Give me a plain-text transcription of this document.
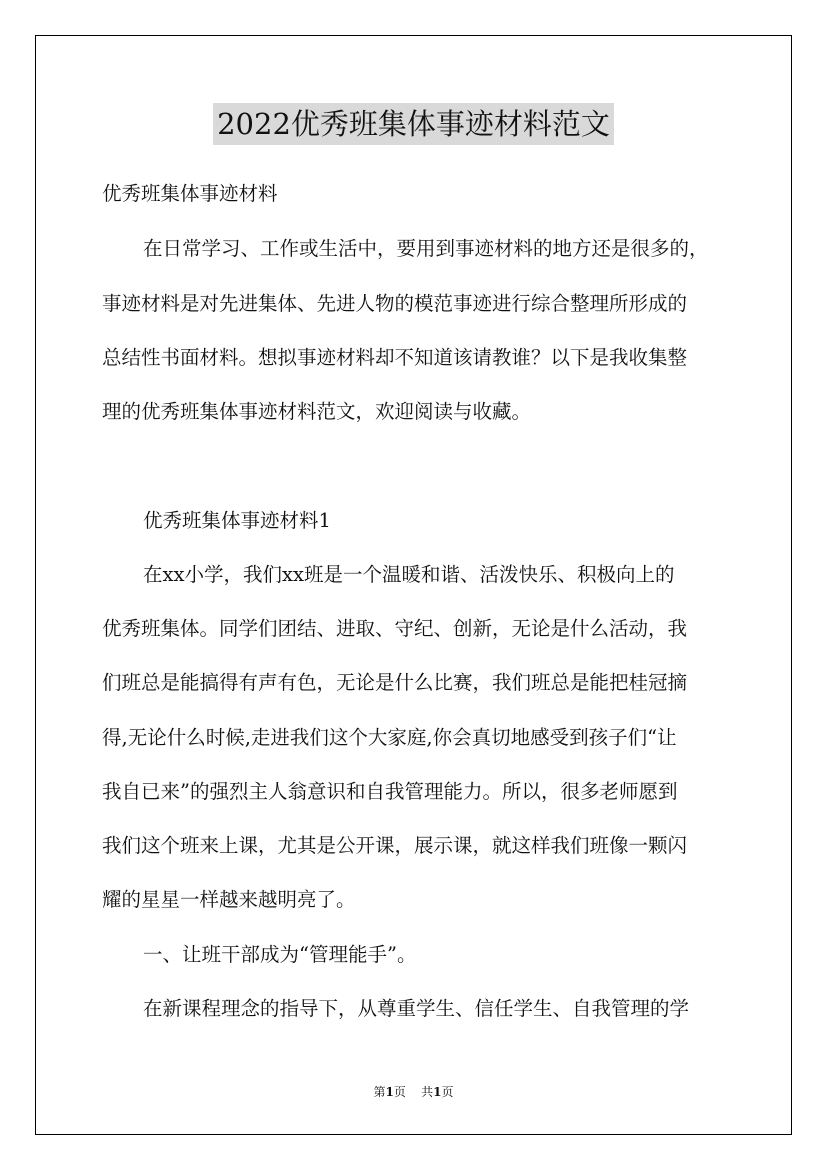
2022优秀班集体事迹材料范文
优秀班集体事迹材料
在日常学习、工作或生活中，要用到事迹材料的地方还是很多的，
事迹材料是对先进集体、先进人物的模范事迹进行综合整理所形成的
总结性书面材料。想拟事迹材料却不知道该请教谁？以下是我收集整
理的优秀班集体事迹材料范文，欢迎阅读与收藏。
优秀班集体事迹材料1
在xx小学，我们xx班是一个温暖和谐、活泼快乐、积极向上的
优秀班集体。同学们团结、进取、守纪、创新，无论是什么活动，我
们班总是能搞得有声有色，无论是什么比赛，我们班总是能把桂冠摘
得,无论什么时候,走进我们这个大家庭,你会真切地感受到孩子们“让
我自已来”的强烈主人翁意识和自我管理能力。所以，很多老师愿到
我们这个班来上课，尤其是公开课，展示课，就这样我们班像一颗闪
耀的星星一样越来越明亮了。
一、让班干部成为“管理能手”。
在新课程理念的指导下，从尊重学生、信任学生、自我管理的学
第1页 共1页
